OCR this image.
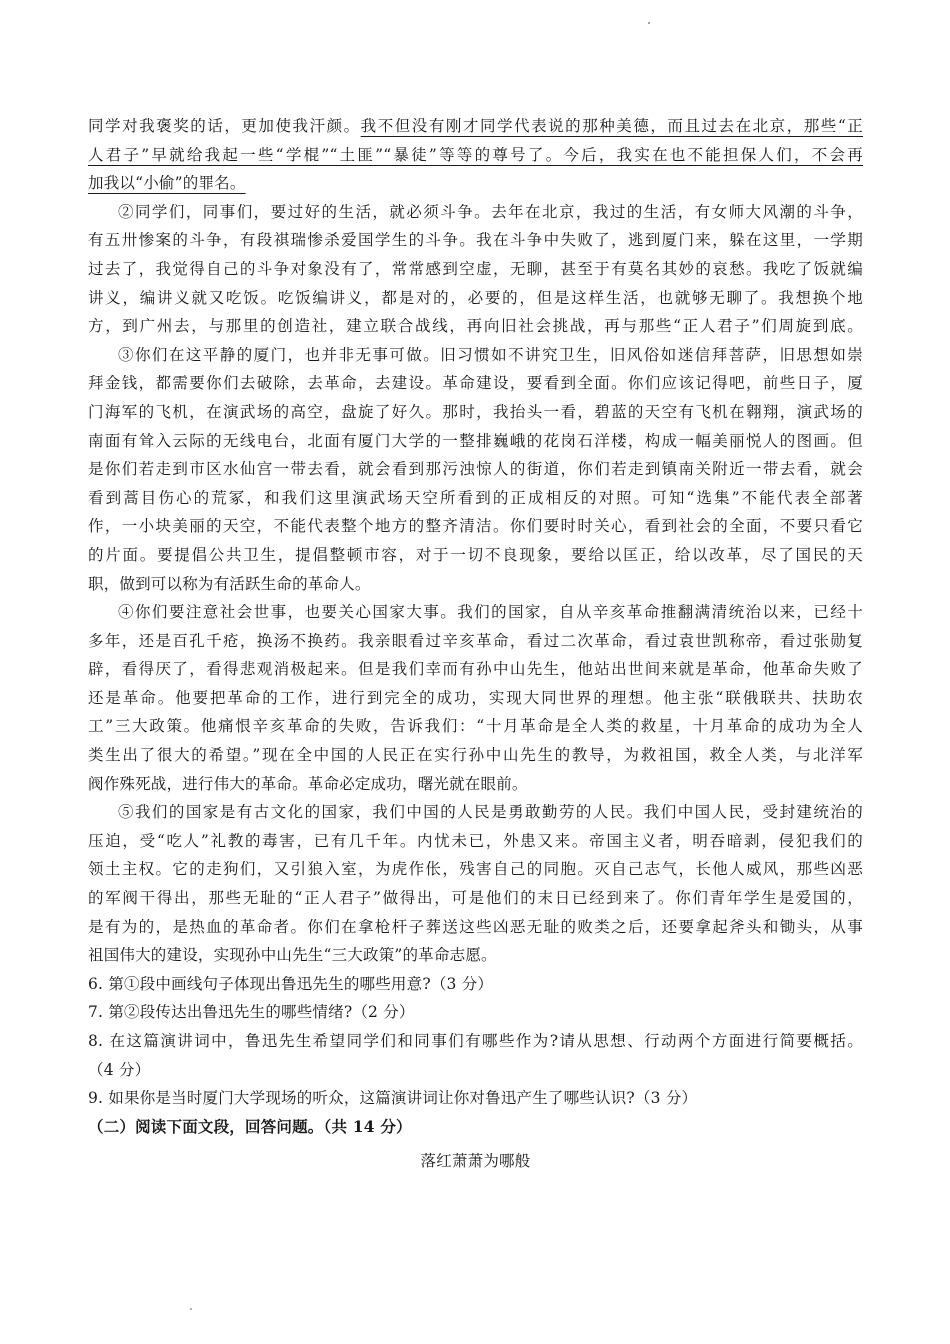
同学对我褒奖的话，更加使我汗颜。我不但没有刚才同学代表说的那种美德，而且过去在北京，那些“正
人君子”早就给我起一些“学棍”“土匪”“暴徒”等等的尊号了。今后，我实在也不能担保人们，不会再
加我以“小偷”的罪名。
②同学们，同事们，要过好的生活，就必须斗争。去年在北京，我过的生活，有女师大风潮的斗争，
有五卅惨案的斗争，有段祺瑞惨杀爱国学生的斗争。我在斗争中失败了，逃到厦门来，躲在这里，一学期
过去了，我觉得自己的斗争对象没有了，常常感到空虚，无聊，甚至于有莫名其妙的哀愁。我吃了饭就编
讲义，编讲义就又吃饭。吃饭编讲义，都是对的，必要的，但是这样生活，也就够无聊了。我想换个地
方，到广州去，与那里的创造社，建立联合战线，再向旧社会挑战，再与那些“正人君子”们周旋到底。
③你们在这平静的厦门，也并非无事可做。旧习惯如不讲究卫生，旧风俗如迷信拜菩萨，旧思想如崇
拜金钱，都需要你们去破除，去革命，去建设。革命建设，要看到全面。你们应该记得吧，前些日子，厦
门海军的飞机，在演武场的高空，盘旋了好久。那时，我抬头一看，碧蓝的天空有飞机在翱翔，演武场的
南面有耸入云际的无线电台，北面有厦门大学的一整排巍峨的花岗石洋楼，构成一幅美丽悦人的图画。但
是你们若走到市区水仙宫一带去看，就会看到那污浊惊人的街道，你们若走到镇南关附近一带去看，就会
看到蒿目伤心的荒冢，和我们这里演武场天空所看到的正成相反的对照。可知“选集”不能代表全部著
作，一小块美丽的天空，不能代表整个地方的整齐清洁。你们要时时关心，看到社会的全面，不要只看它
的片面。要提倡公共卫生，提倡整顿市容，对于一切不良现象，要给以匡正，给以改革，尽了国民的天
职，做到可以称为有活跃生命的革命人。
④你们要注意社会世事，也要关心国家大事。我们的国家，自从辛亥革命推翻满清统治以来，已经十
多年，还是百孔千疮，换汤不换药。我亲眼看过辛亥革命，看过二次革命，看过袁世凯称帝，看过张勋复
辟，看得厌了，看得悲观消极起来。但是我们幸而有孙中山先生，他站出世间来就是革命，他革命失败了
还是革命。他要把革命的工作，进行到完全的成功，实现大同世界的理想。他主张“联俄联共、扶助农
工”三大政策。他痛恨辛亥革命的失败，告诉我们：“十月革命是全人类的救星，十月革命的成功为全人
类生出了很大的希望。”现在全中国的人民正在实行孙中山先生的教导，为救祖国，救全人类，与北洋军
阀作殊死战，进行伟大的革命。革命必定成功，曙光就在眼前。
⑤我们的国家是有古文化的国家，我们中国的人民是勇敢勤劳的人民。我们中国人民，受封建统治的
压迫，受“吃人”礼教的毒害，已有几千年。内忧未已，外患又来。帝国主义者，明吞暗剥，侵犯我们的
领土主权。它的走狗们，又引狼入室，为虎作伥，残害自己的同胞。灭自己志气，长他人威风，那些凶恶
的军阀干得出，那些无耻的“正人君子”做得出，可是他们的末日已经到来了。你们青年学生是爱国的，
是有为的，是热血的革命者。你们在拿枪杆子葬送这些凶恶无耻的败类之后，还要拿起斧头和锄头，从事
祖国伟大的建设，实现孙中山先生“三大政策”的革命志愿。
6. 第①段中画线句子体现出鲁迅先生的哪些用意?（3 分）
7. 第②段传达出鲁迅先生的哪些情绪?（2 分）
8. 在这篇演讲词中，鲁迅先生希望同学们和同事们有哪些作为?请从思想、行动两个方面进行简要概括。
（4 分）
9. 如果你是当时厦门大学现场的听众，这篇演讲词让你对鲁迅产生了哪些认识?（3 分）
（二）阅读下面文段，回答问题。（共 14 分）
落红萧萧为哪般
